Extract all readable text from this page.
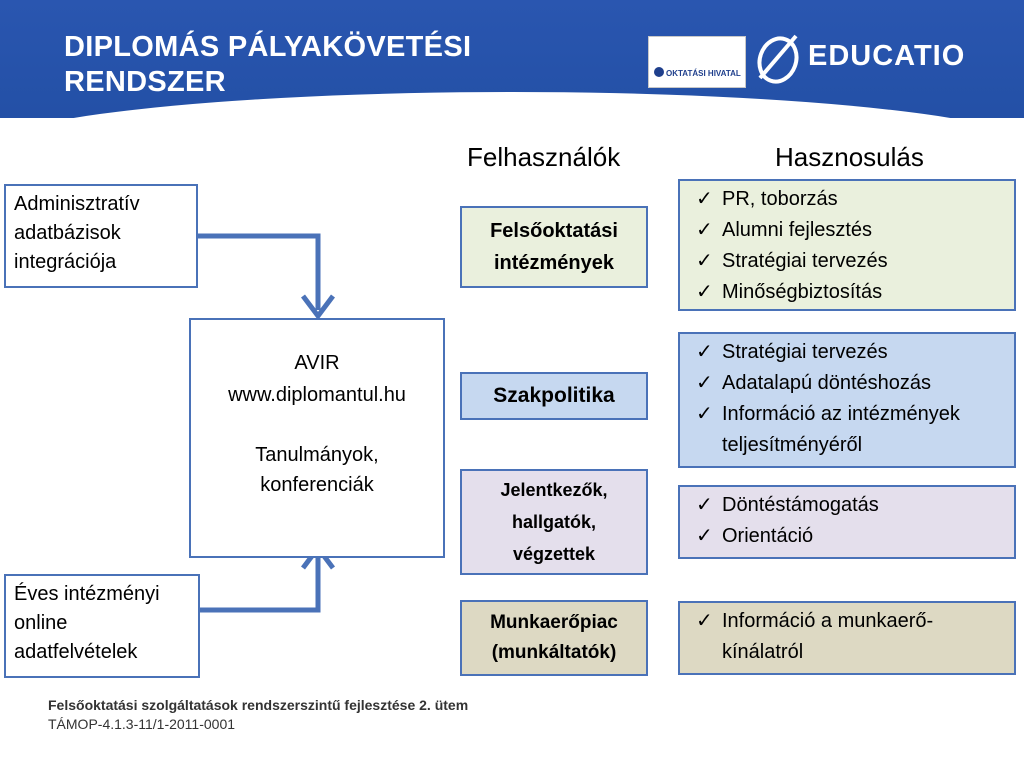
DIPLOMÁS PÁLYAKÖVETÉSI
RENDSZER	OKTATÁSI HIVATAL
EDUCATIO
Felhasználók	Hasznosulás
Adminisztratív
adatbázisok
integrációja
Éves intézményi
online
adatfelvételek
AVIR
www.diplomantul.hu
Tanulmányok,
konferenciák
Felsőoktatási
intézmények
Szakpolitika
Jelentkezők,
hallgatók,
végzettek
Munkaerőpiac
(munkáltatók)
✓ PR, toborzás
✓ Alumni fejlesztés
✓ Stratégiai tervezés
✓ Minőségbiztosítás
✓ Stratégiai tervezés
✓ Adatalapú döntéshozás
✓ Információ az intézmények
teljesítményéről
✓ Döntéstámogatás
✓ Orientáció
✓ Információ a munkaerő-
kínálatról
Felsőoktatási szolgáltatások rendszerszintű fejlesztése 2. ütem
TÁMOP-4.1.3-11/1-2011-0001
